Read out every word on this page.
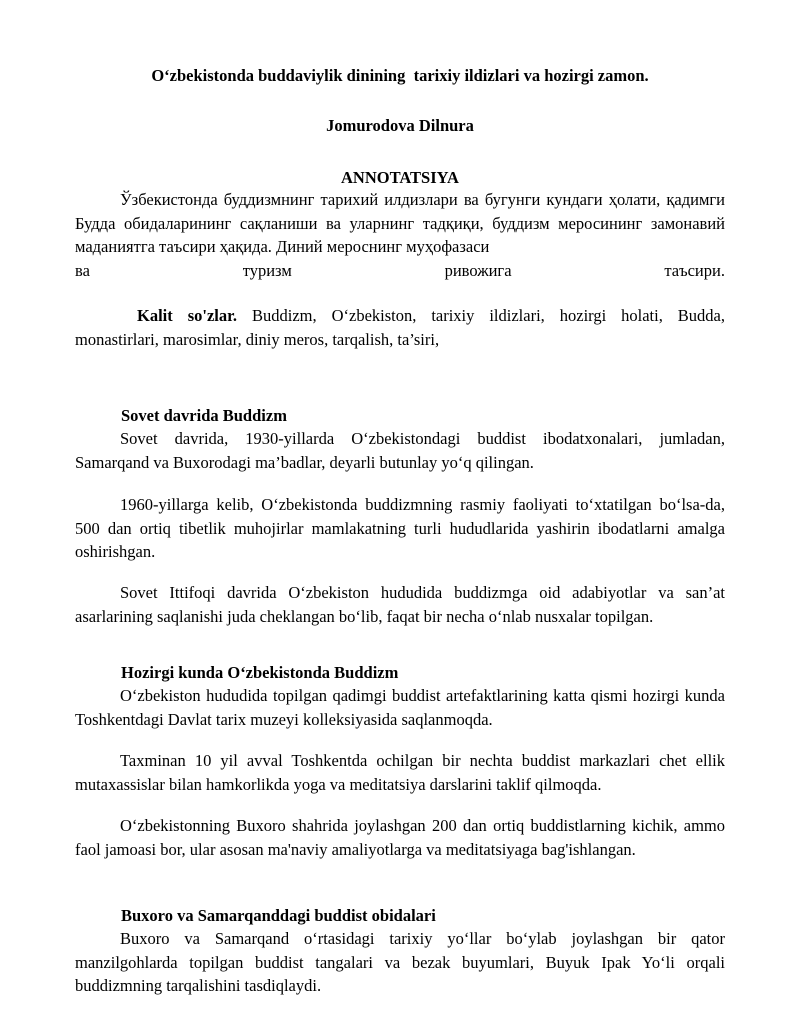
O‘zbekistonda buddaviylik dinining  tarixiy ildizlari va hozirgi zamon.
Jomurodova Dilnura
ANNOTATSIYA

Ўзбекистонда буддизмнинг тарихий илдизлари ва бугунги кундаги ҳолати, қадимги Будда обидаларининг сақланиши ва уларнинг тадқиқи, буддизм меросининг замонавий маданиятга таъсири ҳақида. Диний мероснинг муҳофазаси

ва	туризм	ривожига	таъсири.

Kalit so'zlar. Buddizm, O‘zbekiston, tarixiy ildizlari, hozirgi holati, Budda, monastirlari, marosimlar, diniy meros, tarqalish, ta’siri,

Sovet davrida Buddizm

Sovet davrida, 1930-yillarda O‘zbekistondagi buddist ibodatxonalari, jumladan, Samarqand va Buxorodagi ma’badlar, deyarli butunlay yo‘q qilingan.

1960-yillarga kelib, O‘zbekistonda buddizmning rasmiy faoliyati to‘xtatilgan bo‘lsa-da, 500 dan ortiq tibetlik muhojirlar mamlakatning turli hududlarida yashirin ibodatlarni amalga oshirishgan.

Sovet Ittifoqi davrida O‘zbekiston hududida buddizmga oid adabiyotlar va san’at asarlarining saqlanishi juda cheklangan bo‘lib, faqat bir necha o‘nlab nusxalar topilgan.

Hozirgi kunda O‘zbekistonda Buddizm

O‘zbekiston hududida topilgan qadimgi buddist artefaktlarining katta qismi hozirgi kunda Toshkentdagi Davlat tarix muzeyi kolleksiyasida saqlanmoqda.

Taxminan 10 yil avval Toshkentda ochilgan bir nechta buddist markazlari chet ellik mutaxassislar bilan hamkorlikda yoga va meditatsiya darslarini taklif qilmoqda.

O‘zbekistonning Buxoro shahrida joylashgan 200 dan ortiq buddistlarning kichik, ammo faol jamoasi bor, ular asosan ma'naviy amaliyotlarga va meditatsiyaga bag'ishlangan.

Buxoro va Samarqanddagi buddist obidalari

Buxoro va Samarqand o‘rtasidagi tarixiy yo‘llar bo‘ylab joylashgan bir qator manzilgohlarda topilgan buddist tangalari va bezak buyumlari, Buyuk Ipak Yo‘li orqali buddizmning tarqalishini tasdiqlaydi.
